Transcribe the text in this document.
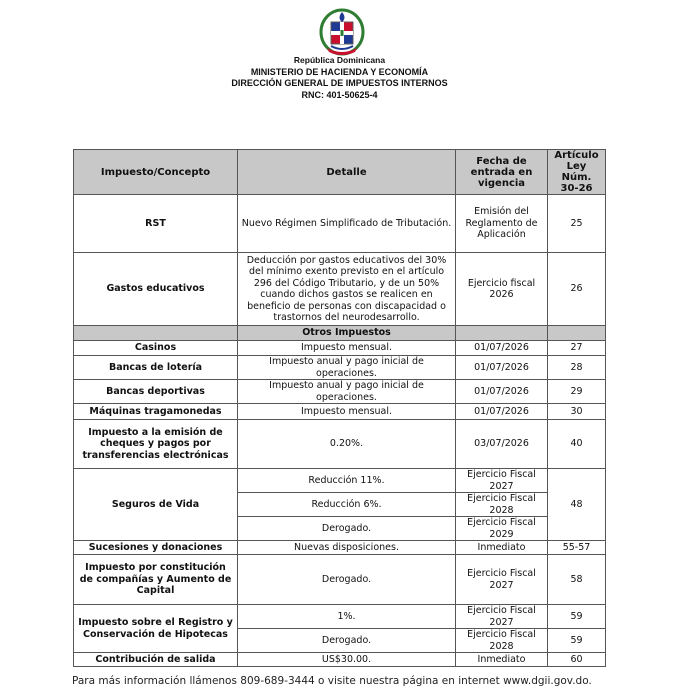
República Dominicana
MINISTERIO DE HACIENDA Y ECONOMÍA
DIRECCIÓN GENERAL DE IMPUESTOS INTERNOS
RNC: 401-50625-4
Impuesto/Concepto	Detalle	Fecha de entrada en vigencia	Artículo Ley Núm. 30-26
RST	Nuevo Régimen Simplificado de Tributación.	Emisión del Reglamento de Aplicación	25
Gastos educativos	Deducción por gastos educativos del 30% del mínimo exento previsto en el artículo 296 del Código Tributario, y de un 50% cuando dichos gastos se realicen en beneficio de personas con discapacidad o trastornos del neurodesarrollo.	Ejercicio fiscal 2026	26
	Otros Impuestos		
Casinos	Impuesto mensual.	01/07/2026	27
Bancas de lotería	Impuesto anual y pago inicial de operaciones.	01/07/2026	28
Bancas deportivas	Impuesto anual y pago inicial de operaciones.	01/07/2026	29
Máquinas tragamonedas	Impuesto mensual.	01/07/2026	30
Impuesto a la emisión de cheques y pagos por transferencias electrónicas	0.20%.	03/07/2026	40
Seguros de Vida	Reducción 11%.	Ejercicio Fiscal 2027	48
	Reducción 6%.	Ejercicio Fiscal 2028	
	Derogado.	Ejercicio Fiscal 2029	
Sucesiones y donaciones	Nuevas disposiciones.	Inmediato	55-57
Impuesto por constitución de compañías y Aumento de Capital	Derogado.	Ejercicio Fiscal 2027	58
Impuesto sobre el Registro y Conservación de Hipotecas	1%.	Ejercicio Fiscal 2027	59
	Derogado.	Ejercicio Fiscal 2028	59
Contribución de salida	US$30.00.	Inmediato	60
Para más información llámenos 809-689-3444 o visite nuestra página en internet www.dgii.gov.do.
